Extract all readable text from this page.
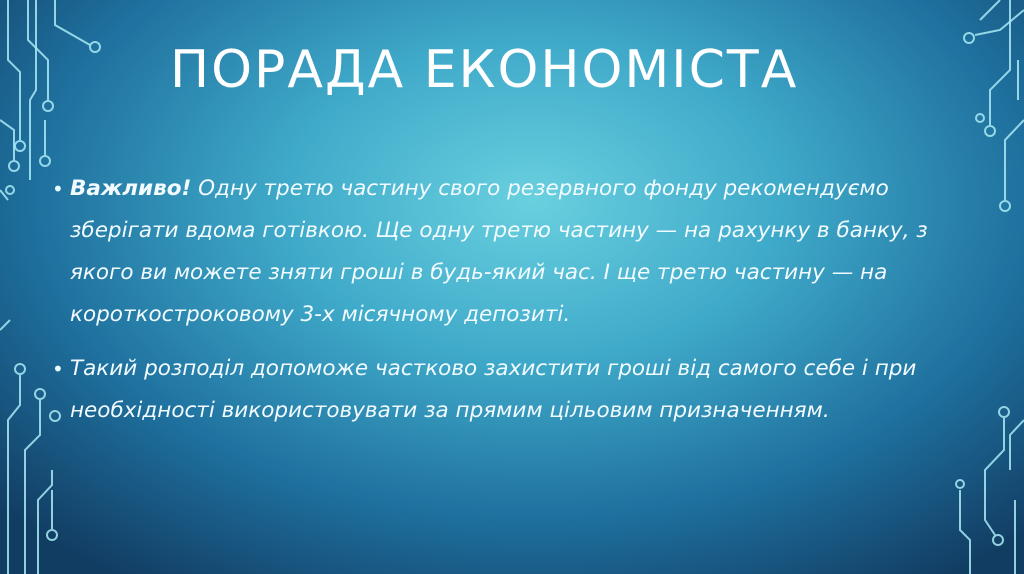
ПОРАДА ЕКОНОМІСТА

• Важливо! Одну третю частину свого резервного фонду рекомендуємо зберігати вдома готівкою. Ще одну третю частину — на рахунку в банку, з якого ви можете зняти гроші в будь-який час. І ще третю частину — на короткостроковому 3-х місячному депозиті.

• Такий розподіл допоможе частково захистити гроші від самого себе і при необхідності використовувати за прямим цільовим призначенням.
